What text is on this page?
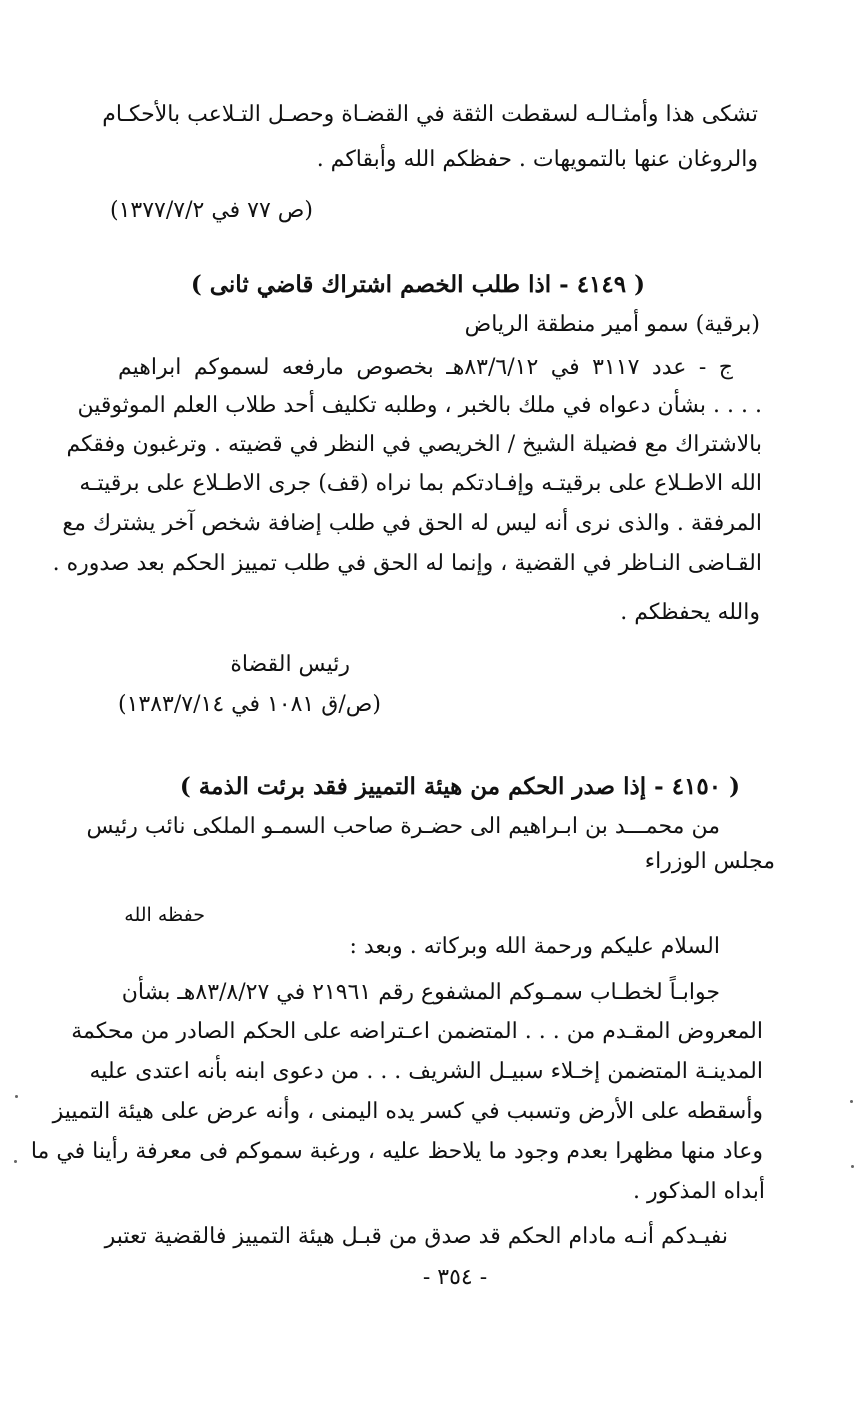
تشكى هذا وأمثـالـه لسقطت الثقة في القضـاة وحصـل التـلاعب بالأحكـام
والروغان عنها بالتمويهات . حفظكم الله وأبقاكم .
(ص ٧٧ في ١٣٧٧/٧/٢)
( ٤١٤٩ - اذا طلب الخصم اشتراك قاضي ثانى )
(برقية) سمو أمير منطقة الرياض
ج - عدد ٣١١٧ في ٨٣/٦/١٢هـ بخصوص مارفعه لسموكم ابراهيم
. . . . بشأن دعواه في ملك بالخبر ، وطلبه تكليف أحد طلاب العلم الموثوقين
بالاشتراك مع فضيلة الشيخ / الخريصي في النظر في قضيته . وترغبون وفقكم
الله الاطـلاع على برقيتـه وإفـادتكم بما نراه (قف) جرى الاطـلاع على برقيتـه
المرفقة . والذى نرى أنه ليس له الحق في طلب إضافة شخص آخر يشترك مع
القـاضى النـاظر في القضية ، وإنما له الحق في طلب تمييز الحكم بعد صدوره .
والله يحفظكم .
رئيس القضاة
(ص/ق ١٠٨١ في ١٣٨٣/٧/١٤)
( ٤١٥٠ - إذا صدر الحكم من هيئة التمييز فقد برئت الذمة )
من محمـــد بن ابـراهيم الى حضـرة صاحب السمـو الملكى نائب رئيس
مجلس الوزراء
حفظه الله
السلام عليكم ورحمة الله وبركاته . وبعد :
جوابـاً لخطـاب سمـوكم المشفوع رقم ٢١٩٦١ في ٨٣/٨/٢٧هـ بشأن
المعروض المقـدم من . . . المتضمن اعـتراضه على الحكم الصادر من محكمة
المدينـة المتضمن إخـلاء سبيـل الشريف . . . من دعوى ابنه بأنه اعتدى عليه
وأسقطه على الأرض وتسبب في كسر يده اليمنى ، وأنه عرض على هيئة التمييز
وعاد منها مظهرا بعدم وجود ما يلاحظ عليه ، ورغبة سموكم فى معرفة رأينا في ما
أبداه المذكور .
نفيـدكم أنـه مادام الحكم قد صدق من قبـل هيئة التمييز فالقضية تعتبر
- ٣٥٤ -
